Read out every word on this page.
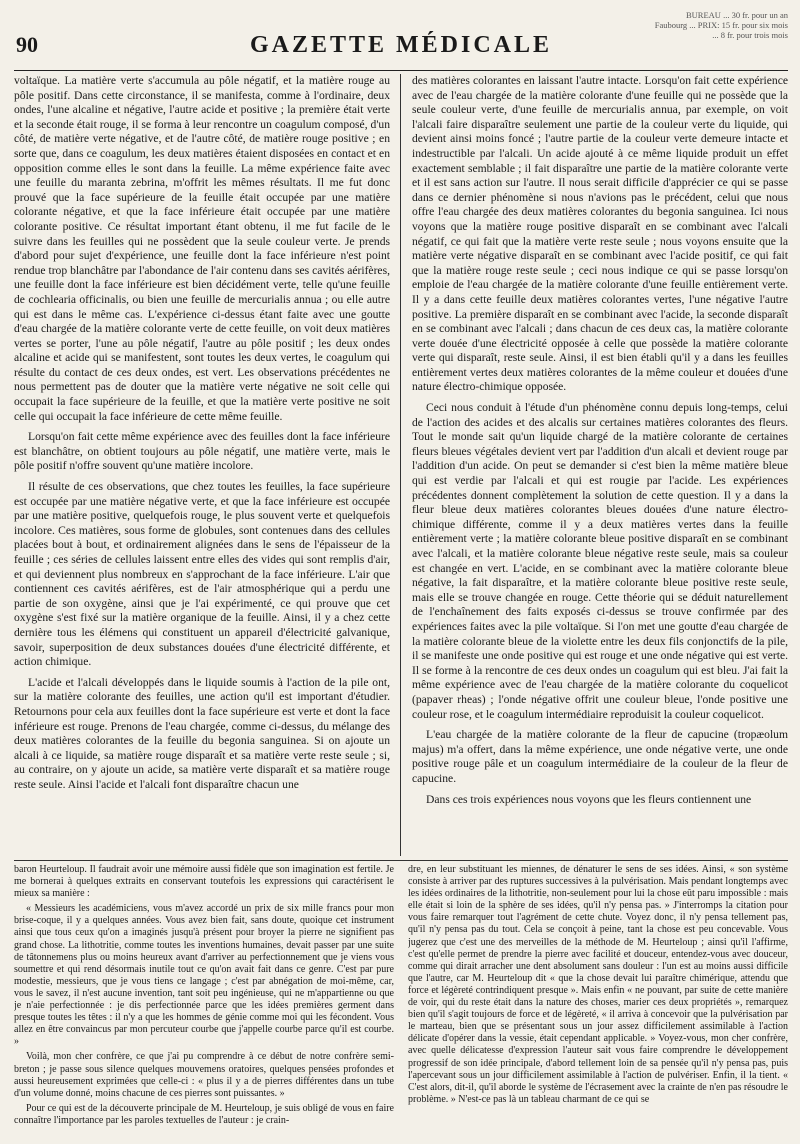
90	GAZETTE MÉDICALE
BUREAU ... 30 fr. pour un an
Faubourg ... PRIX: 15 fr. pour six mois
... 8 fr. pour trois mois

voltaïque. La matière verte s'accumula au pôle négatif, et la matière rouge au pôle positif. Dans cette circonstance, il se manifesta, comme à l'ordinaire, deux ondes, l'une alcaline et négative, l'autre acide et positive ; la première était verte et la seconde était rouge, il se forma à leur rencontre un coagulum composé, d'un côté, de matière verte négative, et de l'autre côté, de matière rouge positive ; en sorte que, dans ce coagulum, les deux matières étaient disposées en contact et en opposition comme elles le sont dans la feuille. La même expérience faite avec une feuille du maranta zebrina, m'offrit les mêmes résultats. Il me fut donc prouvé que la face supérieure de la feuille était occupée par une matière colorante négative, et que la face inférieure était occupée par une matière colorante positive. Ce résultat important étant obtenu, il me fut facile de le suivre dans les feuilles qui ne possèdent que la seule couleur verte. Je prends d'abord pour sujet d'expérience, une feuille dont la face inférieure n'est point rendue trop blanchâtre par l'abondance de l'air contenu dans ses cavités aérifères, une feuille dont la face inférieure est bien décidément verte, telle qu'une feuille de cochlearia officinalis, ou bien une feuille de mercurialis annua ; ou elle autre qui est dans le même cas. L'expérience ci-dessus étant faite avec une goutte d'eau chargée de la matière colorante verte de cette feuille, on voit deux matières vertes se porter, l'une au pôle négatif, l'autre au pôle positif ; les deux ondes alcaline et acide qui se manifestent, sont toutes les deux vertes, le coagulum qui résulte du contact de ces deux ondes, est vert. Les observations précédentes ne nous permettent pas de douter que la matière verte négative ne soit celle qui occupait la face supérieure de la feuille, et que la matière verte positive ne soit celle qui occupait la face inférieure de cette même feuille.

Lorsqu'on fait cette même expérience avec des feuilles dont la face inférieure est blanchâtre, on obtient toujours au pôle négatif, une matière verte, mais le pôle positif n'offre souvent qu'une matière incolore.

Il résulte de ces observations, que chez toutes les feuilles, la face supérieure est occupée par une matière négative verte, et que la face inférieure est occupée par une matière positive, quelquefois rouge, le plus souvent verte et quelquefois incolore. Ces matières, sous forme de globules, sont contenues dans des cellules placées bout à bout, et ordinairement alignées dans le sens de l'épaisseur de la feuille ; ces séries de cellules laissent entre elles des vides qui sont remplis d'air, et qui deviennent plus nombreux en s'approchant de la face inférieure. L'air que contiennent ces cavités aérifères, est de l'air atmosphérique qui a perdu une partie de son oxygène, ainsi que je l'ai expérimenté, ce qui prouve que cet oxygène s'est fixé sur la matière organique de la feuille. Ainsi, il y a chez cette dernière tous les élémens qui constituent un appareil d'électricité galvanique, savoir, superposition de deux substances douées d'une électricité différente, et action chimique.

L'acide et l'alcali développés dans le liquide soumis à l'action de la pile ont, sur la matière colorante des feuilles, une action qu'il est important d'étudier. Retournons pour cela aux feuilles dont la face supérieure est verte et dont la face inférieure est rouge. Prenons de l'eau chargée, comme ci-dessus, du mélange des deux matières colorantes de la feuille du begonia sanguinea. Si on ajoute un alcali à ce liquide, sa matière rouge disparaît et sa matière verte reste seule ; si, au contraire, on y ajoute un acide, sa matière verte disparaît et sa matière rouge reste seule. Ainsi l'acide et l'alcali font disparaître chacun une

des matières colorantes en laissant l'autre intacte. Lorsqu'on fait cette expérience avec de l'eau chargée de la matière colorante d'une feuille qui ne possède que la seule couleur verte, d'une feuille de mercurialis annua, par exemple, on voit l'alcali faire disparaître seulement une partie de la couleur verte du liquide, qui devient ainsi moins foncé ; l'autre partie de la couleur verte demeure intacte et indestructible par l'alcali. Un acide ajouté à ce même liquide produit un effet exactement semblable ; il fait disparaître une partie de la matière colorante verte et il est sans action sur l'autre. Il nous serait difficile d'apprécier ce qui se passe dans ce dernier phénomène si nous n'avions pas le précédent, celui que nous offre l'eau chargée des deux matières colorantes du begonia sanguinea. Ici nous voyons que la matière rouge positive disparaît en se combinant avec l'alcali négatif, ce qui fait que la matière verte reste seule ; nous voyons ensuite que la matière verte négative disparaît en se combinant avec l'acide positif, ce qui fait que la matière rouge reste seule ; ceci nous indique ce qui se passe lorsqu'on emploie de l'eau chargée de la matière colorante d'une feuille entièrement verte. Il y a dans cette feuille deux matières colorantes vertes, l'une négative l'autre positive. La première disparaît en se combinant avec l'acide, la seconde disparaît en se combinant avec l'alcali ; dans chacun de ces deux cas, la matière colorante verte douée d'une électricité opposée à celle que possède la matière colorante verte qui disparaît, reste seule. Ainsi, il est bien établi qu'il y a dans les feuilles entièrement vertes deux matières colorantes de la même couleur et douées d'une nature électro-chimique opposée.

Ceci nous conduit à l'étude d'un phénomène connu depuis long-temps, celui de l'action des acides et des alcalis sur certaines matières colorantes des fleurs. Tout le monde sait qu'un liquide chargé de la matière colorante de certaines fleurs bleues végétales devient vert par l'addition d'un alcali et devient rouge par l'addition d'un acide. On peut se demander si c'est bien la même matière bleue qui est verdie par l'alcali et qui est rougie par l'acide. Les expériences précédentes donnent complètement la solution de cette question. Il y a dans la fleur bleue deux matières colorantes bleues douées d'une nature électro-chimique différente, comme il y a deux matières vertes dans la feuille entièrement verte ; la matière colorante bleue positive disparaît en se combinant avec l'alcali, et la matière colorante bleue négative reste seule, mais sa couleur est changée en vert. L'acide, en se combinant avec la matière colorante bleue négative, la fait disparaître, et la matière colorante bleue positive reste seule, mais elle se trouve changée en rouge. Cette théorie qui se déduit naturellement de l'enchaînement des faits exposés ci-dessus se trouve confirmée par des expériences faites avec la pile voltaïque. Si l'on met une goutte d'eau chargée de la matière colorante bleue de la violette entre les deux fils conjonctifs de la pile, il se manifeste une onde positive qui est rouge et une onde négative qui est verte. Il se forme à la rencontre de ces deux ondes un coagulum qui est bleu. J'ai fait la même expérience avec de l'eau chargée de la matière colorante du coquelicot (papaver rheas) ; l'onde négative offrit une couleur bleue, l'onde positive une couleur rose, et le coagulum intermédiaire reproduisit la couleur coquelicot.

L'eau chargée de la matière colorante de la fleur de capucine (tropæolum majus) m'a offert, dans la même expérience, une onde négative verte, une onde positive rouge pâle et un coagulum intermédiaire de la couleur de la fleur de capucine.

Dans ces trois expériences nous voyons que les fleurs contiennent une

baron Heurteloup. Il faudrait avoir une mémoire aussi fidèle que son imagination est fertile. Je me bornerai à quelques extraits en conservant toutefois les expressions qui caractérisent le mieux sa manière :

« Messieurs les académiciens, vous m'avez accordé un prix de six mille francs pour mon brise-coque, il y a quelques années. Vous avez bien fait, sans doute, quoique cet instrument ainsi que tous ceux qu'on a imaginés jusqu'à présent pour broyer la pierre ne signifient pas grand chose. La lithotritie, comme toutes les inventions humaines, devait passer par une suite de tâtonnemens plus ou moins heureux avant d'arriver au perfectionnement que je viens vous soumettre et qui rend désormais inutile tout ce qu'on avait fait dans ce genre. C'est par pure modestie, messieurs, que je vous tiens ce langage ; c'est par abnégation de moi-même, car, vous le savez, il n'est aucune invention, tant soit peu ingénieuse, qui ne m'appartienne ou que je n'aie perfectionnée : je dis perfectionnée parce que les idées premières germent dans presque toutes les têtes : il n'y a que les hommes de génie comme moi qui les fécondent. Vous allez en être convaincus par mon percuteur courbe que j'appelle courbe parce qu'il est courbe. »

Voilà, mon cher confrère, ce que j'ai pu comprendre à ce début de notre confrère semi-breton ; je passe sous silence quelques mouvemens oratoires, quelques pensées profondes et aussi heureusement exprimées que celle-ci : « plus il y a de pierres différentes dans un tube d'un volume donné, moins chacune de ces pierres sont puissantes. »

Pour ce qui est de la découverte principale de M. Heurteloup, je suis obligé de vous en faire connaître l'importance par les paroles textuelles de l'auteur : je crain-

dre, en leur substituant les miennes, de dénaturer le sens de ses idées. Ainsi, « son système consiste à arriver par des ruptures successives à la pulvérisation. Mais pendant longtemps avec les idées ordinaires de la lithotritie, non-seulement pour lui la chose eût paru impossible : mais elle était si loin de la sphère de ses idées, qu'il n'y pensa pas. » J'interromps la citation pour vous faire remarquer tout l'agrément de cette chute. Voyez donc, il n'y pensa tellement pas, qu'il n'y pensa pas du tout. Cela se conçoit à peine, tant la chose est peu concevable. Vous jugerez que c'est une des merveilles de la méthode de M. Heurteloup ; ainsi qu'il l'affirme, c'est qu'elle permet de prendre la pierre avec facilité et douceur, entendez-vous avec douceur, comme qui dirait arracher une dent absolument sans douleur : l'un est au moins aussi difficile que l'autre, car M. Heurteloup dit « que la chose devait lui paraître chimérique, attendu que force et légèreté contrindiquent presque ». Mais enfin « ne pouvant, par suite de cette manière de voir, qui du reste était dans la nature des choses, marier ces deux propriétés », remarquez bien qu'il s'agit toujours de force et de légèreté, « il arriva à concevoir que la pulvérisation par le marteau, bien que se présentant sous un jour assez difficilement assimilable à l'action délicate d'opérer dans la vessie, était cependant applicable. » Voyez-vous, mon cher confrère, avec quelle délicatesse d'expression l'auteur sait vous faire comprendre le développement progressif de son idée principale, d'abord tellement loin de sa pensée qu'il n'y pensa pas, puis l'apercevant sous un jour difficilement assimilable à l'action de pulvériser. Enfin, il la tient. « C'est alors, dit-il, qu'il aborde le système de l'écrasement avec la crainte de n'en pas résoudre le problème. » N'est-ce pas là un tableau charmant de ce qui se
